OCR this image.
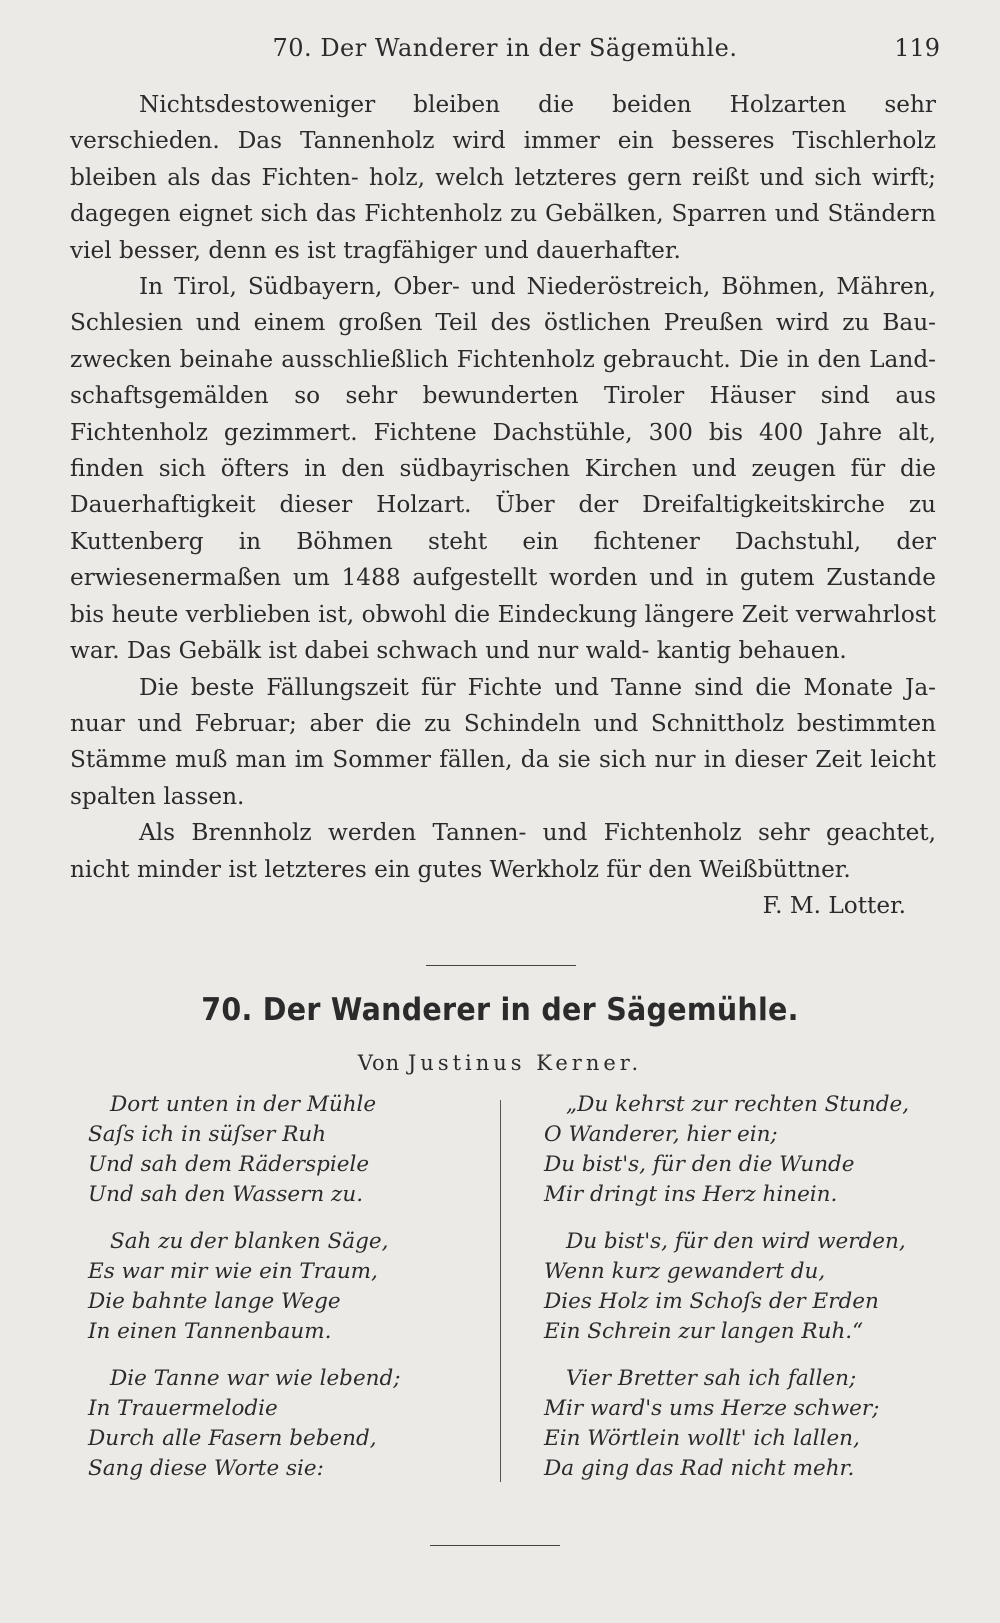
70. Der Wanderer in der Sägemühle.	119

Nichtsdestoweniger bleiben die beiden Holzarten sehr verschieden. Das Tannenholz wird immer ein besseres Tischlerholz bleiben als das Fichten- holz, welch letzteres gern reißt und sich wirft; dagegen eignet sich das Fichtenholz zu Gebälken, Sparren und Ständern viel besser, denn es ist tragfähiger und dauerhafter.

In Tirol, Südbayern, Ober- und Niederöstreich, Böhmen, Mähren, Schlesien und einem großen Teil des östlichen Preußen wird zu Bau- zwecken beinahe ausschließlich Fichtenholz gebraucht. Die in den Land- schaftsgemälden so sehr bewunderten Tiroler Häuser sind aus Fichtenholz gezimmert. Fichtene Dachstühle, 300 bis 400 Jahre alt, finden sich öfters in den südbayrischen Kirchen und zeugen für die Dauerhaftigkeit dieser Holzart. Über der Dreifaltigkeitskirche zu Kuttenberg in Böhmen steht ein fichtener Dachstuhl, der erwiesenermaßen um 1488 aufgestellt worden und in gutem Zustande bis heute verblieben ist, obwohl die Eindeckung längere Zeit verwahrlost war. Das Gebälk ist dabei schwach und nur wald- kantig behauen.

Die beste Fällungszeit für Fichte und Tanne sind die Monate Ja- nuar und Februar; aber die zu Schindeln und Schnittholz bestimmten Stämme muß man im Sommer fällen, da sie sich nur in dieser Zeit leicht spalten lassen.

Als Brennholz werden Tannen- und Fichtenholz sehr geachtet, nicht minder ist letzteres ein gutes Werkholz für den Weißbüttner.

F. M. Lotter.
70. Der Wanderer in der Sägemühle.
Von Justinus Kerner.
Dort unten in der Mühle
Saſs ich in süſser Ruh
Und sah dem Räderspiele
Und sah den Wassern zu.
Sah zu der blanken Säge,
Es war mir wie ein Traum,
Die bahnte lange Wege
In einen Tannenbaum.
Die Tanne war wie lebend;
In Trauermelodie
Durch alle Fasern bebend,
Sang diese Worte sie:
„Du kehrst zur rechten Stunde,
O Wanderer, hier ein;
Du bist's, für den die Wunde
Mir dringt ins Herz hinein.
Du bist's, für den wird werden,
Wenn kurz gewandert du,
Dies Holz im Schoſs der Erden
Ein Schrein zur langen Ruh.“
Vier Bretter sah ich fallen;
Mir ward's ums Herze schwer;
Ein Wörtlein wollt' ich lallen,
Da ging das Rad nicht mehr.
